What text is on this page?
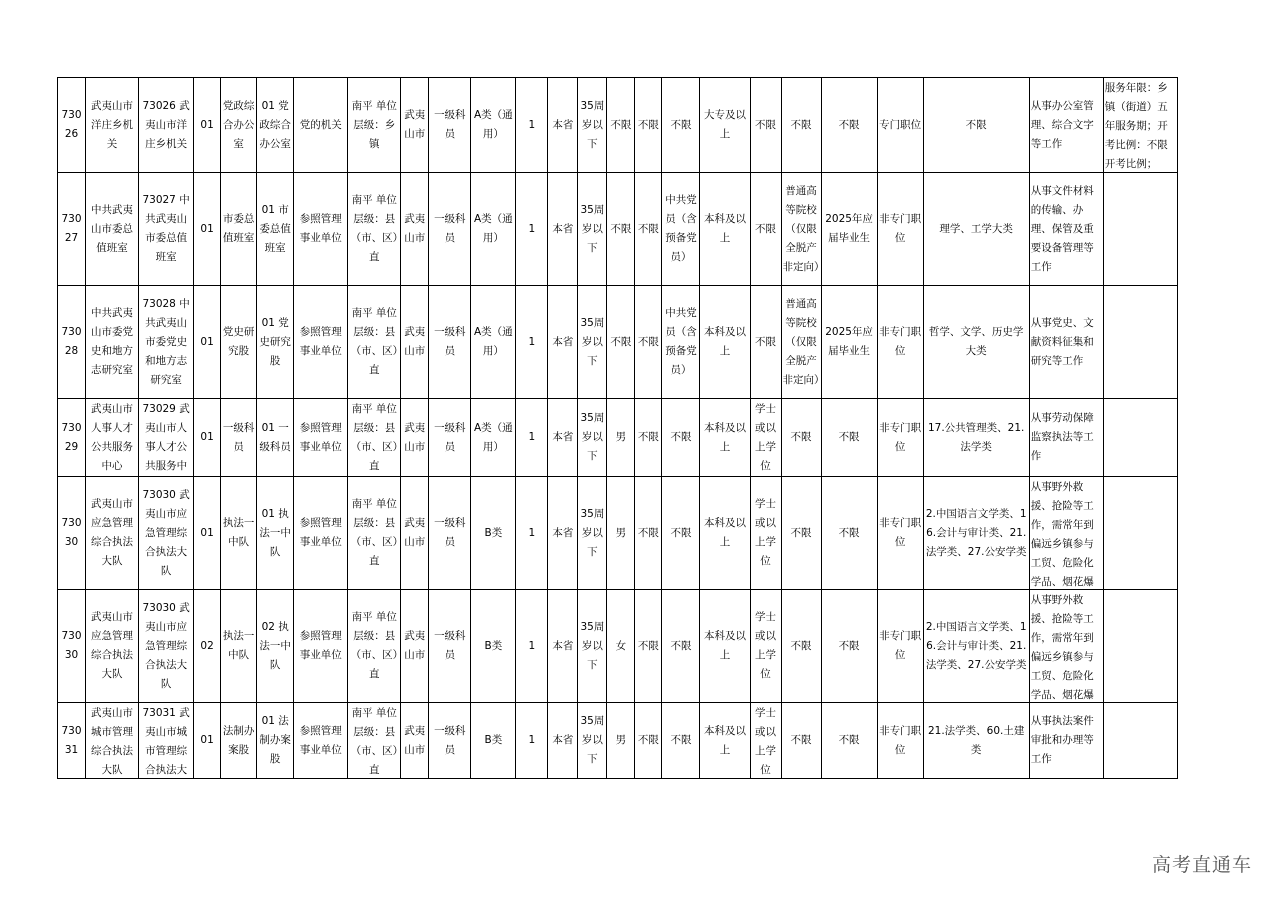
73026	武夷山市洋庄乡机关	73026 武夷山市洋庄乡机关	01	党政综合办公室	01 党政综合办公室	党的机关	南平 单位层级：乡镇	武夷山市	一级科员	A类（通用）	1	本省	35周岁以下	不限	不限	不限	大专及以上	不限	不限	不限	专门职位	不限	从事办公室管理、综合文字等工作	服务年限：乡镇（街道）五年服务期；开考比例：不限开考比例；

73027	中共武夷山市委总值班室	73027 中共武夷山市委总值班室	01	市委总值班室	01 市委总值班室	参照管理事业单位	南平 单位层级：县（市、区）直	武夷山市	一级科员	A类（通用）	1	本省	35周岁以下	不限	不限	中共党员（含预备党员）	本科及以上	不限	普通高等院校（仅限全脱产非定向）	2025年应届毕业生	非专门职位	理学、工学大类	从事文件材料的传输、办理、保管及重要设备管理等工作	

73028	中共武夷山市委党史和地方志研究室	73028 中共武夷山市委党史和地方志研究室	01	党史研究股	01 党史研究股	参照管理事业单位	南平 单位层级：县（市、区）直	武夷山市	一级科员	A类（通用）	1	本省	35周岁以下	不限	不限	中共党员（含预备党员）	本科及以上	不限	普通高等院校（仅限全脱产非定向）	2025年应届毕业生	非专门职位	哲学、文学、历史学大类	从事党史、文献资料征集和研究等工作	

73029	武夷山市人事人才公共服务中心	73029 武夷山市人事人才公共服务中	01	一级科员	01 一级科员	参照管理事业单位	南平 单位层级：县（市、区）直	武夷山市	一级科员	A类（通用）	1	本省	35周岁以下	男	不限	不限	本科及以上	学士或以上学位	不限	不限	非专门职位	17.公共管理类、21.法学类	从事劳动保障监察执法等工作	

73030	武夷山市应急管理综合执法大队	73030 武夷山市应急管理综合执法大队	01	执法一中队	01 执法一中队	参照管理事业单位	南平 单位层级：县（市、区）直	武夷山市	一级科员	B类	1	本省	35周岁以下	男	不限	不限	本科及以上	学士或以上学位	不限	不限	非专门职位	2.中国语言文学类、16.会计与审计类、21.法学类、27.公安学类	从事野外救援、抢险等工作，需常年到偏远乡镇参与工贸、危险化学品、烟花爆	

73030	武夷山市应急管理综合执法大队	73030 武夷山市应急管理综合执法大队	02	执法一中队	02 执法一中队	参照管理事业单位	南平 单位层级：县（市、区）直	武夷山市	一级科员	B类	1	本省	35周岁以下	女	不限	不限	本科及以上	学士或以上学位	不限	不限	非专门职位	2.中国语言文学类、16.会计与审计类、21.法学类、27.公安学类	从事野外救援、抢险等工作，需常年到偏远乡镇参与工贸、危险化学品、烟花爆	

73031	武夷山市城市管理综合执法大队	73031 武夷山市城市管理综合执法大	01	法制办案股	01 法制办案股	参照管理事业单位	南平 单位层级：县（市、区）直	武夷山市	一级科员	B类	1	本省	35周岁以下	男	不限	不限	本科及以上	学士或以上学位	不限	不限	非专门职位	21.法学类、60.土建类	从事执法案件审批和办理等工作	

高考直通车
